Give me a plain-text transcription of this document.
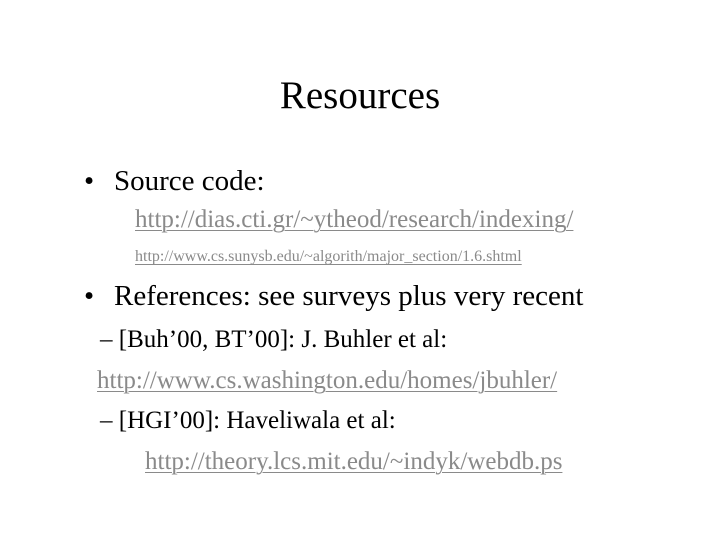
Resources
• Source code:
http://dias.cti.gr/~ytheod/research/indexing/
http://www.cs.sunysb.edu/~algorith/major_section/1.6.shtml
• References: see surveys plus very recent
– [Buh’00, BT’00]: J. Buhler et al:
http://www.cs.washington.edu/homes/jbuhler/
– [HGI’00]: Haveliwala et al:
http://theory.lcs.mit.edu/~indyk/webdb.ps
